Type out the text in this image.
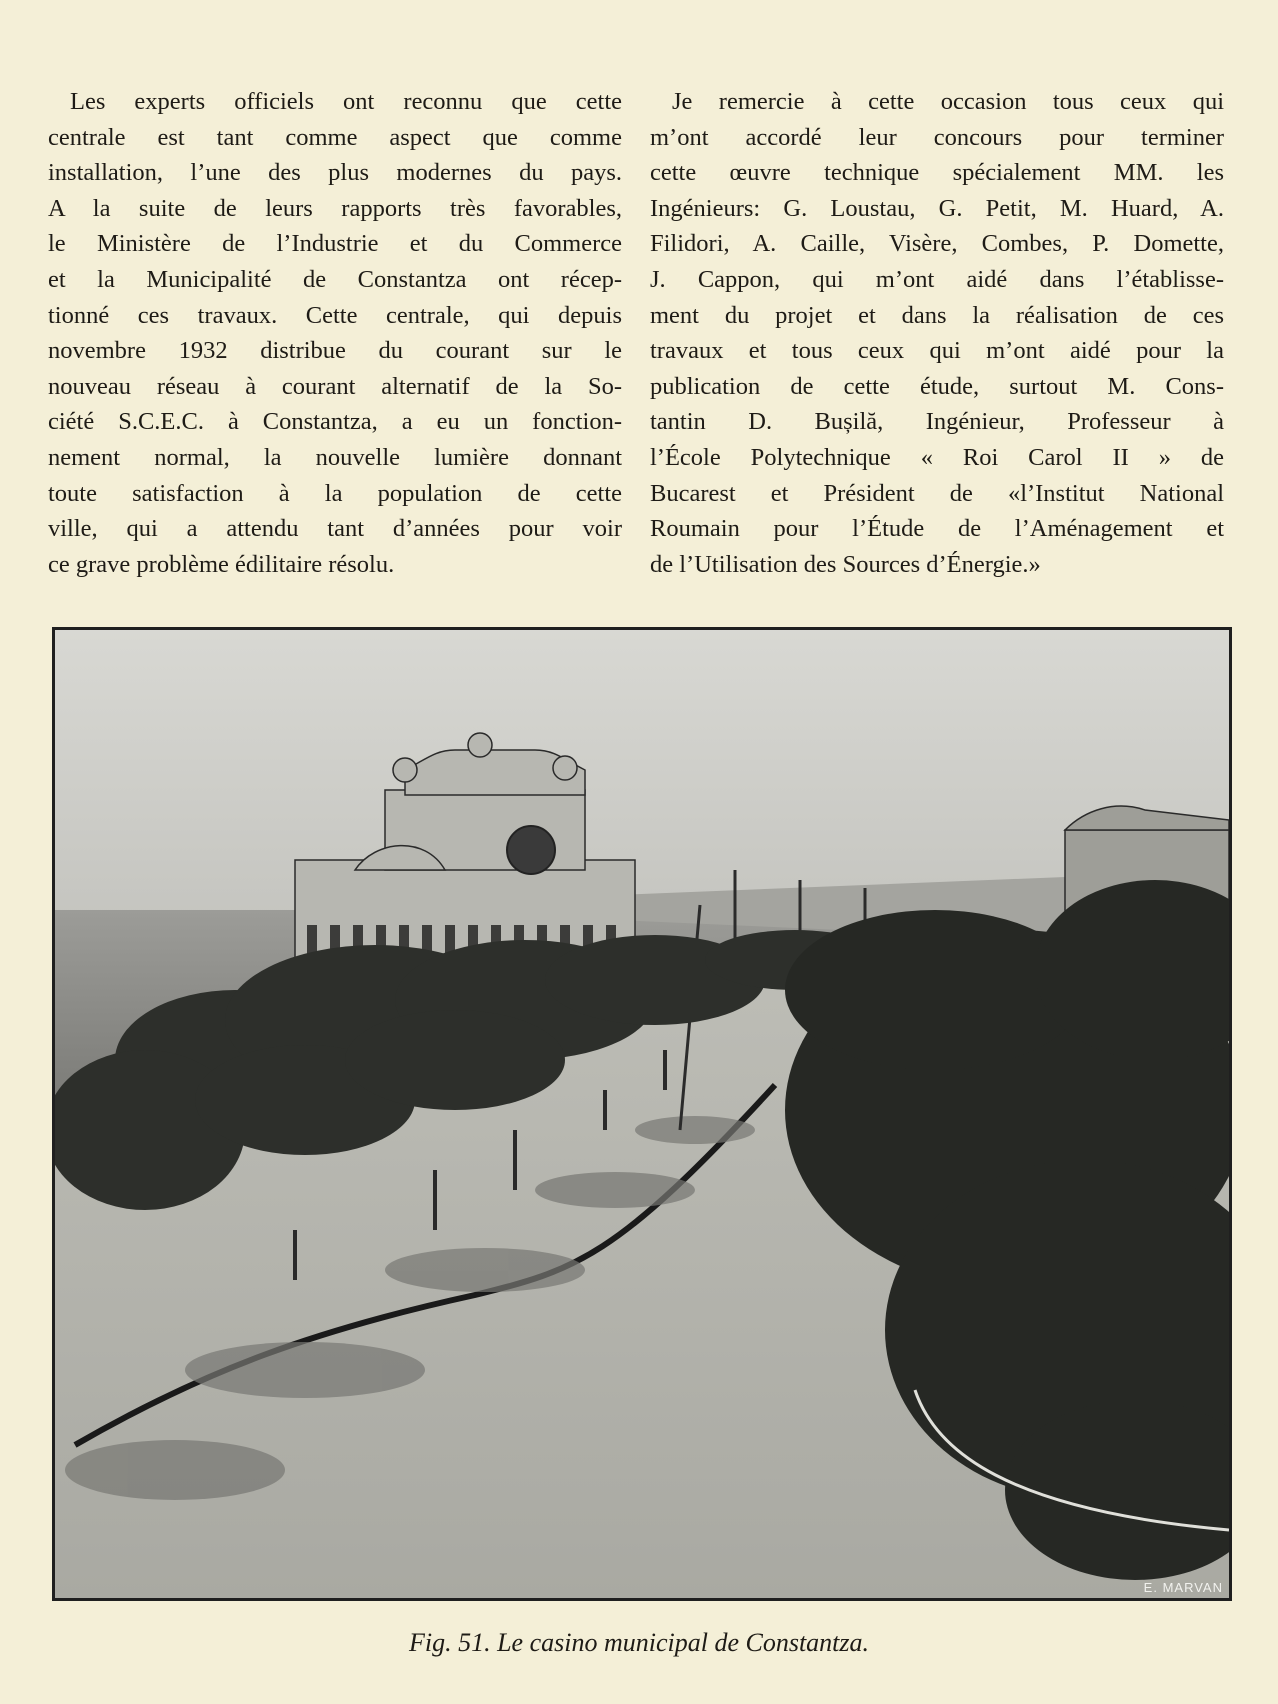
Les experts officiels ont reconnu que cette

centrale est tant comme aspect que comme

installation, l’une des plus modernes du pays.

A la suite de leurs rapports très favorables,

le Ministère de l’Industrie et du Commerce

et la Municipalité de Constantza ont récep-

tionné ces travaux. Cette centrale, qui depuis

novembre 1932 distribue du courant sur le

nouveau réseau à courant alternatif de la So-

ciété S.C.E.C. à Constantza, a eu un fonction-

nement normal, la nouvelle lumière donnant

toute satisfaction à la population de cette

ville, qui a attendu tant d’années pour voir

ce grave problème édilitaire résolu.

Je remercie à cette occasion tous ceux qui

m’ont accordé leur concours pour terminer

cette œuvre technique spécialement MM. les

Ingénieurs: G. Loustau, G. Petit, M. Huard, A.

Filidori, A. Caille, Visère, Combes, P. Domette,

J. Cappon, qui m’ont aidé dans l’établisse-

ment du projet et dans la réalisation de ces

travaux et tous ceux qui m’ont aidé pour la

publication de cette étude, surtout M. Cons-

tantin D. Bușilă, Ingénieur, Professeur à

l’École Polytechnique « Roi Carol II » de

Bucarest et Président de «l’Institut National

Roumain pour l’Étude de l’Aménagement et

de l’Utilisation des Sources d’Énergie.»

E. MARVAN
Fig. 51. Le casino municipal de Constantza.
